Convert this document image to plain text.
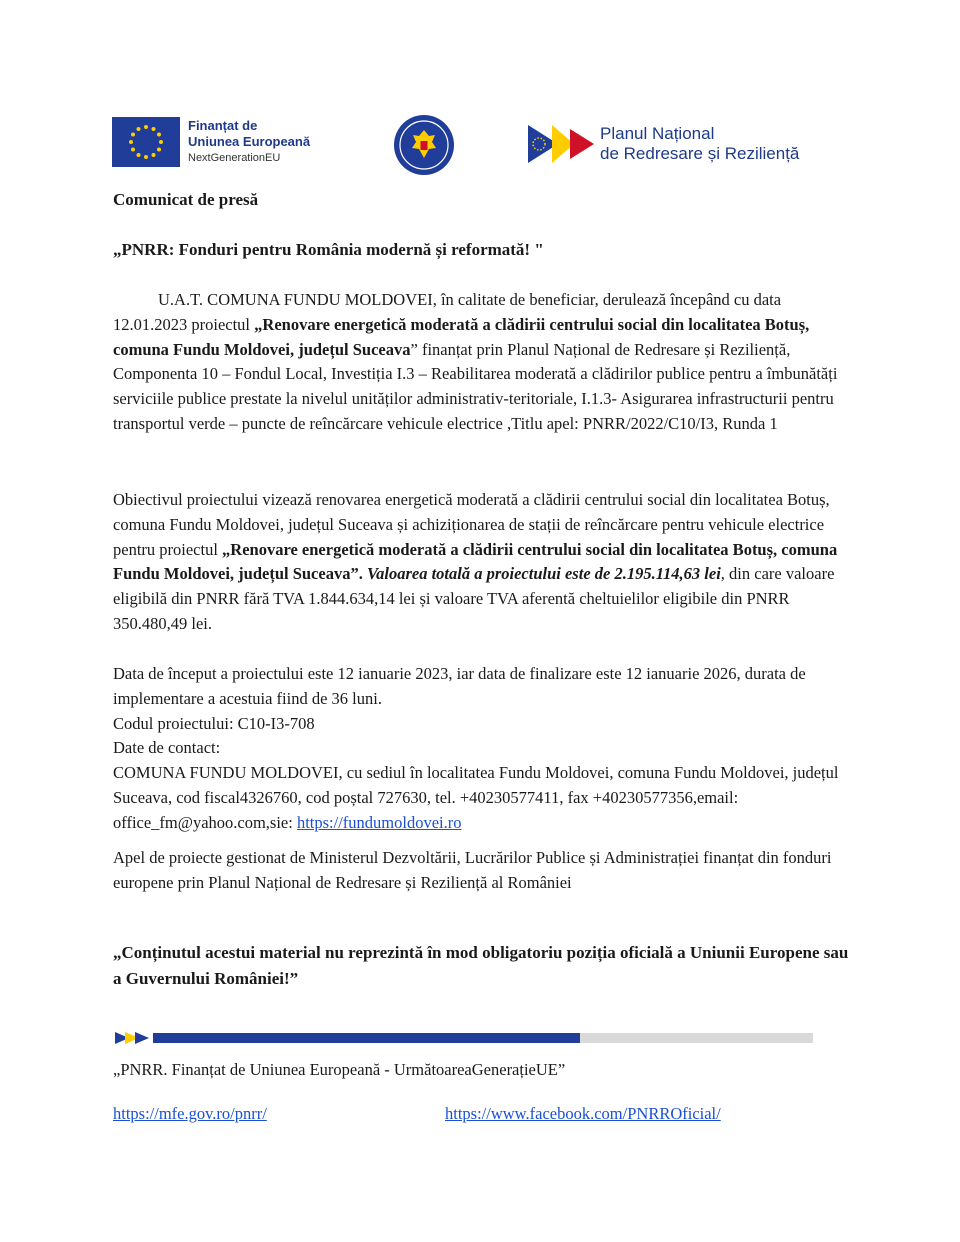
Finanțat de
Uniunea Europeană
NextGenerationEU
Planul Național
de Redresare și Reziliență
Comunicat de presă
„PNRR: Fonduri pentru România modernă și reformată! "
U.A.T. COMUNA FUNDU MOLDOVEI, în calitate de beneficiar, derulează începând cu data 12.01.2023 proiectul „Renovare energetică moderată a clădirii centrului social din localitatea Botuș, comuna Fundu Moldovei, județul Suceava” finanțat prin Planul Național de Redresare și Reziliență, Componenta 10 – Fondul Local, Investiția I.3 – Reabilitarea moderată a clădirilor publice pentru a îmbunătăți serviciile publice prestate la nivelul unităților administrativ-teritoriale, I.1.3- Asigurarea infrastructurii pentru transportul verde – puncte de reîncărcare vehicule electrice ,Titlu apel: PNRR/2022/C10/I3, Runda 1
Obiectivul proiectului vizează renovarea energetică moderată a clădirii centrului social din localitatea Botuș, comuna Fundu Moldovei, județul Suceava și achiziționarea de stații de reîncărcare pentru vehicule electrice pentru proiectul „Renovare energetică moderată a clădirii centrului social din localitatea Botuș, comuna Fundu Moldovei, județul Suceava”. Valoarea totală a proiectului este de 2.195.114,63 lei, din care valoare eligibilă din PNRR fără TVA 1.844.634,14 lei și valoare TVA aferentă cheltuielilor eligibile din PNRR 350.480,49 lei.
Data de început a proiectului este 12 ianuarie 2023, iar data de finalizare este 12 ianuarie 2026, durata de implementare a acestuia fiind de 36 luni.
Codul proiectului: C10-I3-708
Date de contact:
COMUNA FUNDU MOLDOVEI, cu sediul în localitatea Fundu Moldovei, comuna Fundu Moldovei, județul Suceava, cod fiscal4326760, cod poștal 727630, tel. +40230577411, fax +40230577356,email: office_fm@yahoo.com,sie: https://fundumoldovei.ro
Apel de proiecte gestionat de Ministerul Dezvoltării, Lucrărilor Publice și Administrației finanțat din fonduri europene prin Planul Național de Redresare și Reziliență al României
„Conținutul acestui material nu reprezintă în mod obligatoriu poziția oficială a Uniunii Europene sau a Guvernului României!”
„PNRR. Finanțat de Uniunea Europeană - UrmătoareaGenerațieUE”
https://mfe.gov.ro/pnrr/	https://www.facebook.com/PNRROficial/
